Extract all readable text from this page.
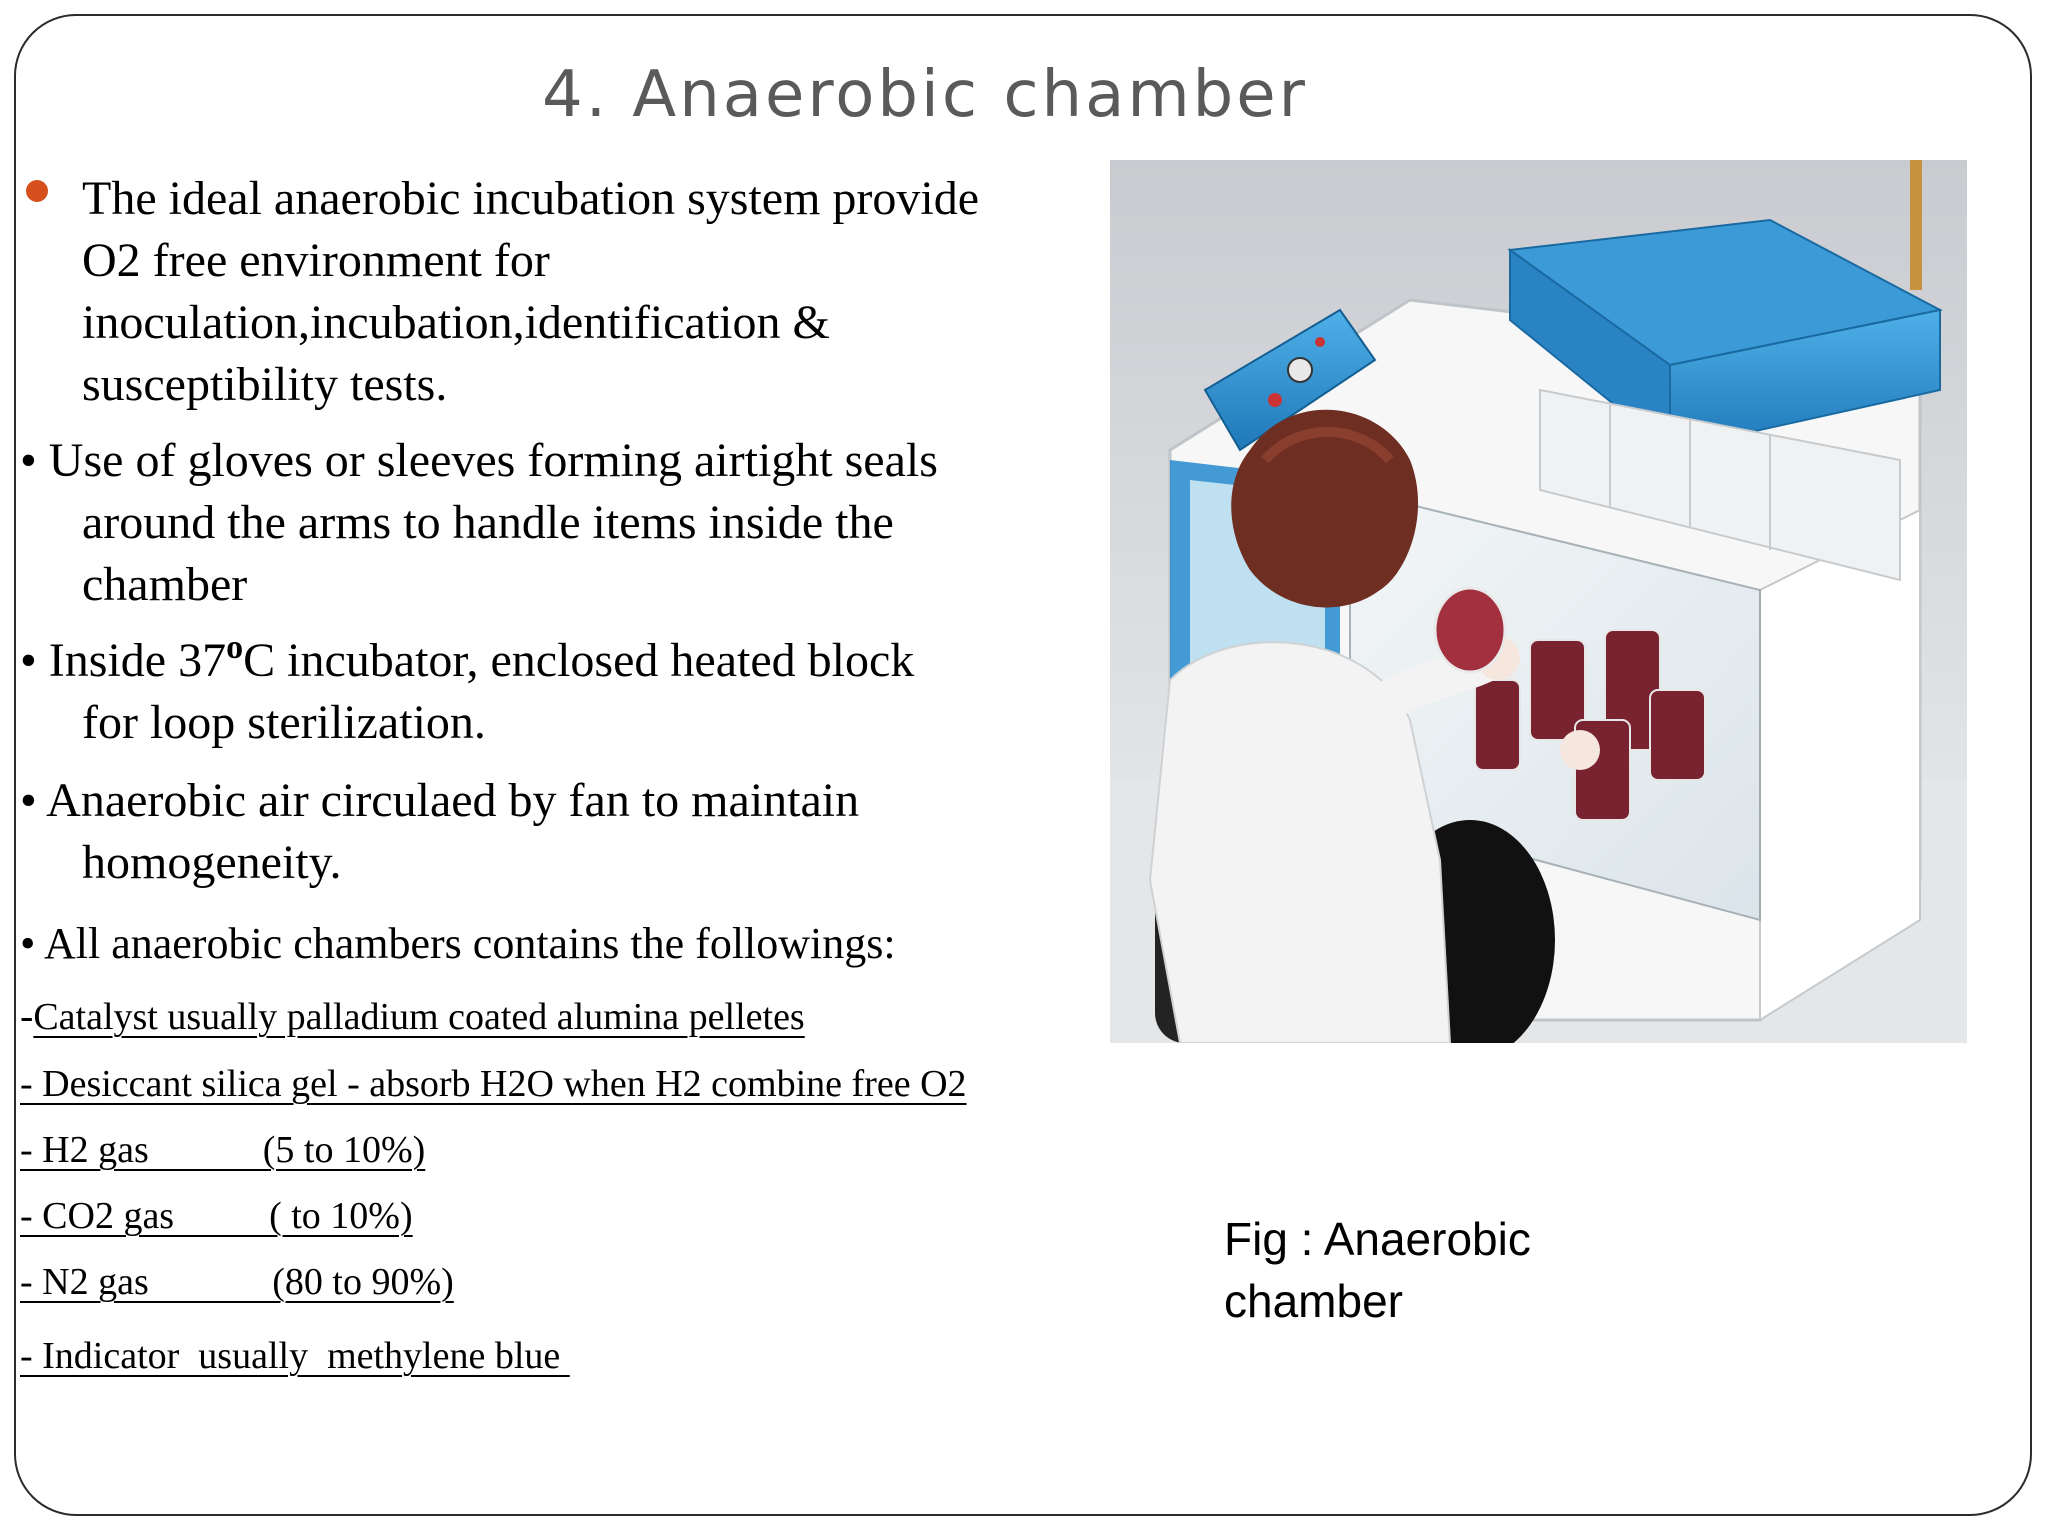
4. Anaerobic chamber
The ideal anaerobic incubation system provide
O2 free environment for
inoculation,incubation,identification &
susceptibility tests.
• Use of gloves or sleeves forming airtight seals
around the arms to handle items inside the
chamber
• Inside 37$^o$C incubator, enclosed heated block
for loop sterilization.
• Anaerobic air circulaed by fan to maintain
homogeneity.
• All anaerobic chambers contains the followings:
-Catalyst usually palladium coated alumina pelletes
- Desiccant silica gel - absorb H2O when H2 combine free O2
- H2 gas            (5 to 10%)
- CO2 gas          ( to 10%)
- N2 gas             (80 to 90%)
- Indicator  usually  methylene blue
Fig : Anaerobic
chamber
